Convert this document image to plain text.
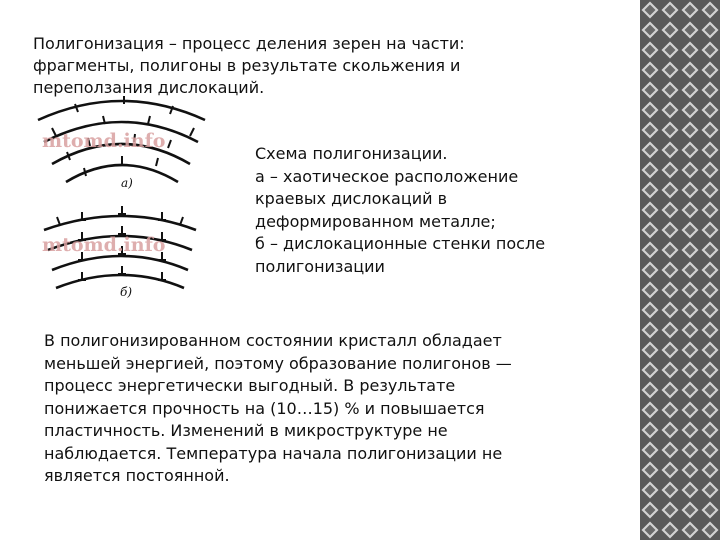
Полигонизация – процесс деления зерен на части:
фрагменты, полигоны в результате скольжения и
переползания дислокаций.

а)
б)
mtomd.info
mtomd.info

Схема полигонизации.
а – хаотическое расположение
краевых дислокаций в
деформированном металле;
б – дислокационные стенки после
полигонизации

В полигонизированном состоянии кристалл обладает
меньшей энергией, поэтому образование полигонов —
процесс энергетически выгодный. В результате
понижается прочность на (10…15) % и повышается
пластичность. Изменений в микроструктуре не
наблюдается. Температура начала полигонизации не
является постоянной.
